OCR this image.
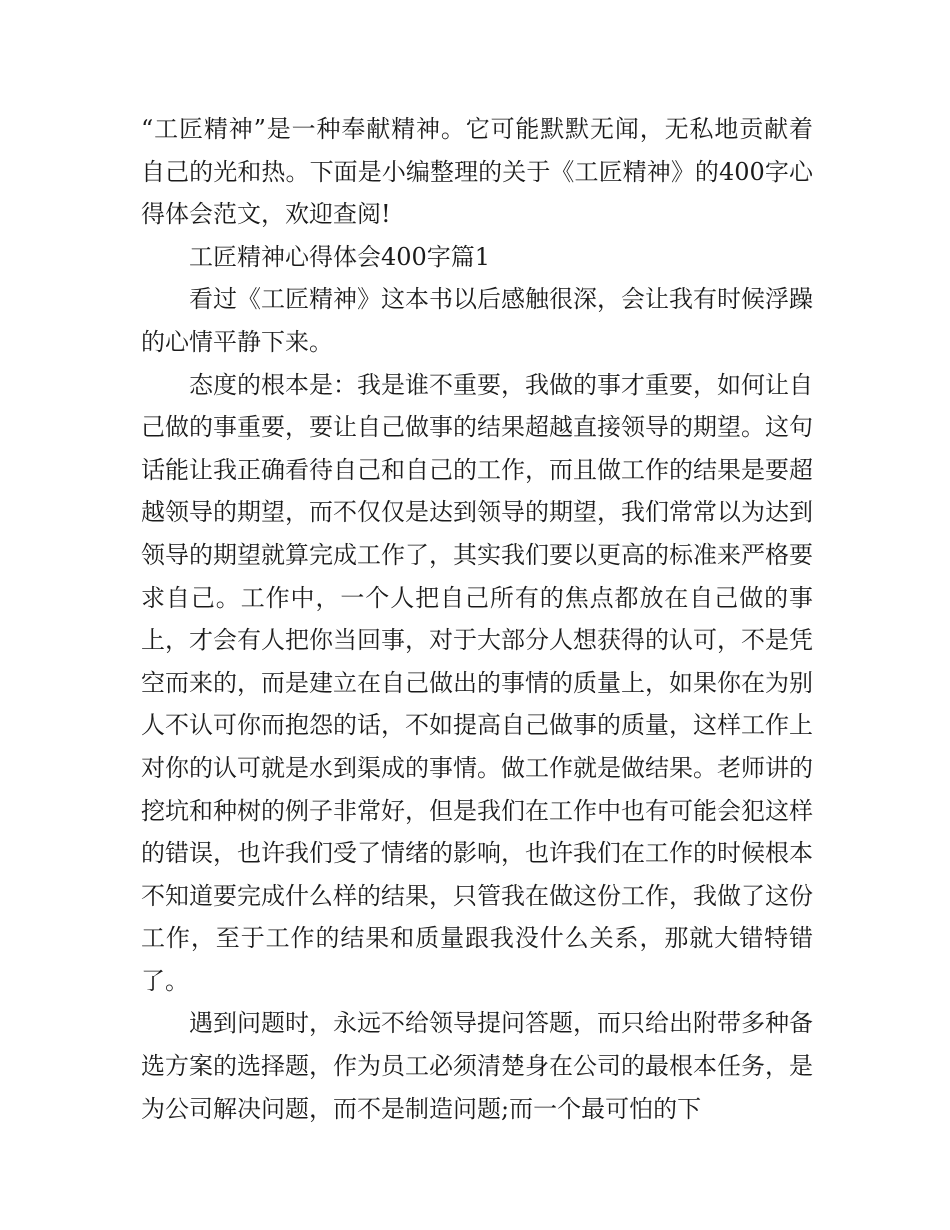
“工匠精神”是一种奉献精神。它可能默默无闻，无私地贡献着自己的光和热。下面是小编整理的关于《工匠精神》的400字心得体会范文，欢迎查阅!

工匠精神心得体会400字篇1

看过《工匠精神》这本书以后感触很深，会让我有时候浮躁的心情平静下来。

态度的根本是：我是谁不重要，我做的事才重要，如何让自己做的事重要，要让自己做事的结果超越直接领导的期望。这句话能让我正确看待自己和自己的工作，而且做工作的结果是要超越领导的期望，而不仅仅是达到领导的期望，我们常常以为达到领导的期望就算完成工作了，其实我们要以更高的标准来严格要求自己。工作中，一个人把自己所有的焦点都放在自己做的事上，才会有人把你当回事，对于大部分人想获得的认可，不是凭空而来的，而是建立在自己做出的事情的质量上，如果你在为别人不认可你而抱怨的话，不如提高自己做事的质量，这样工作上对你的认可就是水到渠成的事情。做工作就是做结果。老师讲的挖坑和种树的例子非常好，但是我们在工作中也有可能会犯这样的错误，也许我们受了情绪的影响，也许我们在工作的时候根本不知道要完成什么样的结果，只管我在做这份工作，我做了这份工作，至于工作的结果和质量跟我没什么关系，那就大错特错了。

遇到问题时，永远不给领导提问答题，而只给出附带多种备选方案的选择题，作为员工必须清楚身在公司的最根本任务，是为公司解决问题，而不是制造问题;而一个最可怕的下
